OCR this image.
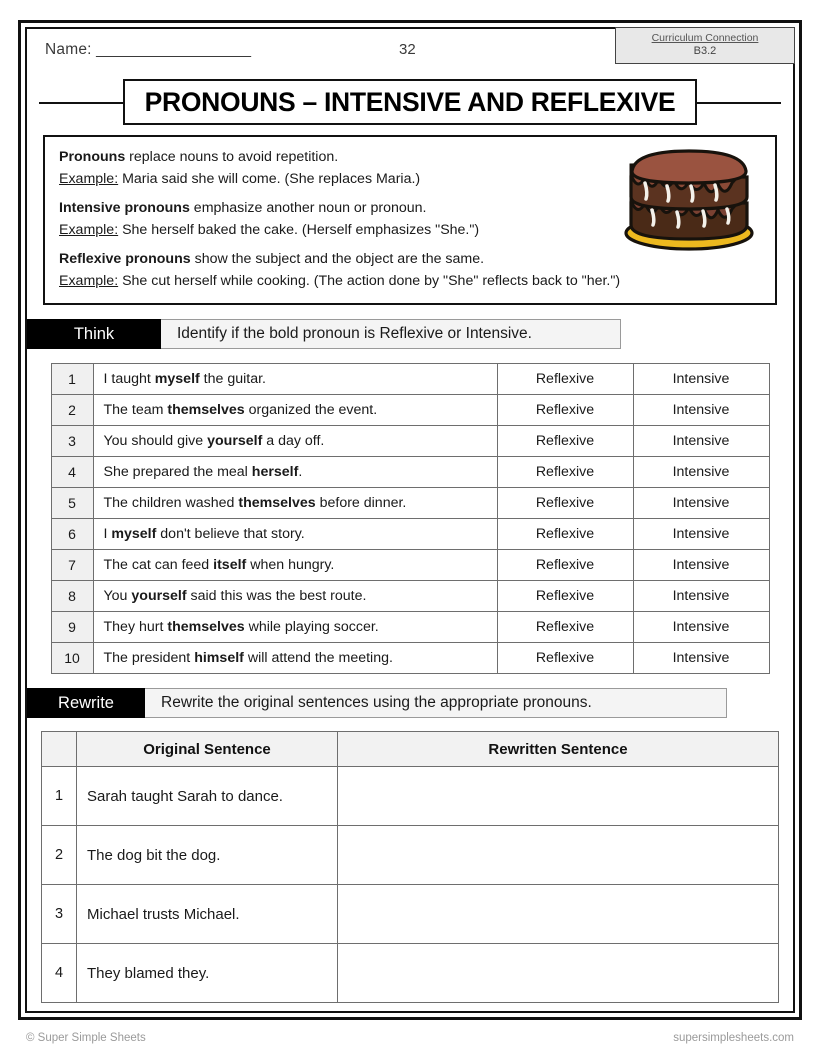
Name: ___________________	32
Curriculum Connection
B3.2
PRONOUNS – INTENSIVE AND REFLEXIVE

Pronouns replace nouns to avoid repetition.

Example: Maria said she will come. (She replaces Maria.)

Intensive pronouns emphasize another noun or pronoun.

Example: She herself baked the cake. (Herself emphasizes "She.")

Reflexive pronouns show the subject and the object are the same.

Example: She cut herself while cooking. (The action done by "She" reflects back to "her.")

Think	Identify if the bold pronoun is Reflexive or Intensive.
1	I taught myself the guitar.	Reflexive	Intensive
2	The team themselves organized the event.	Reflexive	Intensive
3	You should give yourself a day off.	Reflexive	Intensive
4	She prepared the meal herself.	Reflexive	Intensive
5	The children washed themselves before dinner.	Reflexive	Intensive
6	I myself don't believe that story.	Reflexive	Intensive
7	The cat can feed itself when hungry.	Reflexive	Intensive
8	You yourself said this was the best route.	Reflexive	Intensive
9	They hurt themselves while playing soccer.	Reflexive	Intensive
10	The president himself will attend the meeting.	Reflexive	Intensive
Rewrite	Rewrite the original sentences using the appropriate pronouns.
	Original Sentence	Rewritten Sentence
1	Sarah taught Sarah to dance.	
2	The dog bit the dog.	
3	Michael trusts Michael.	
4	They blamed they.	
© Super Simple Sheets	supersimplesheets.com
